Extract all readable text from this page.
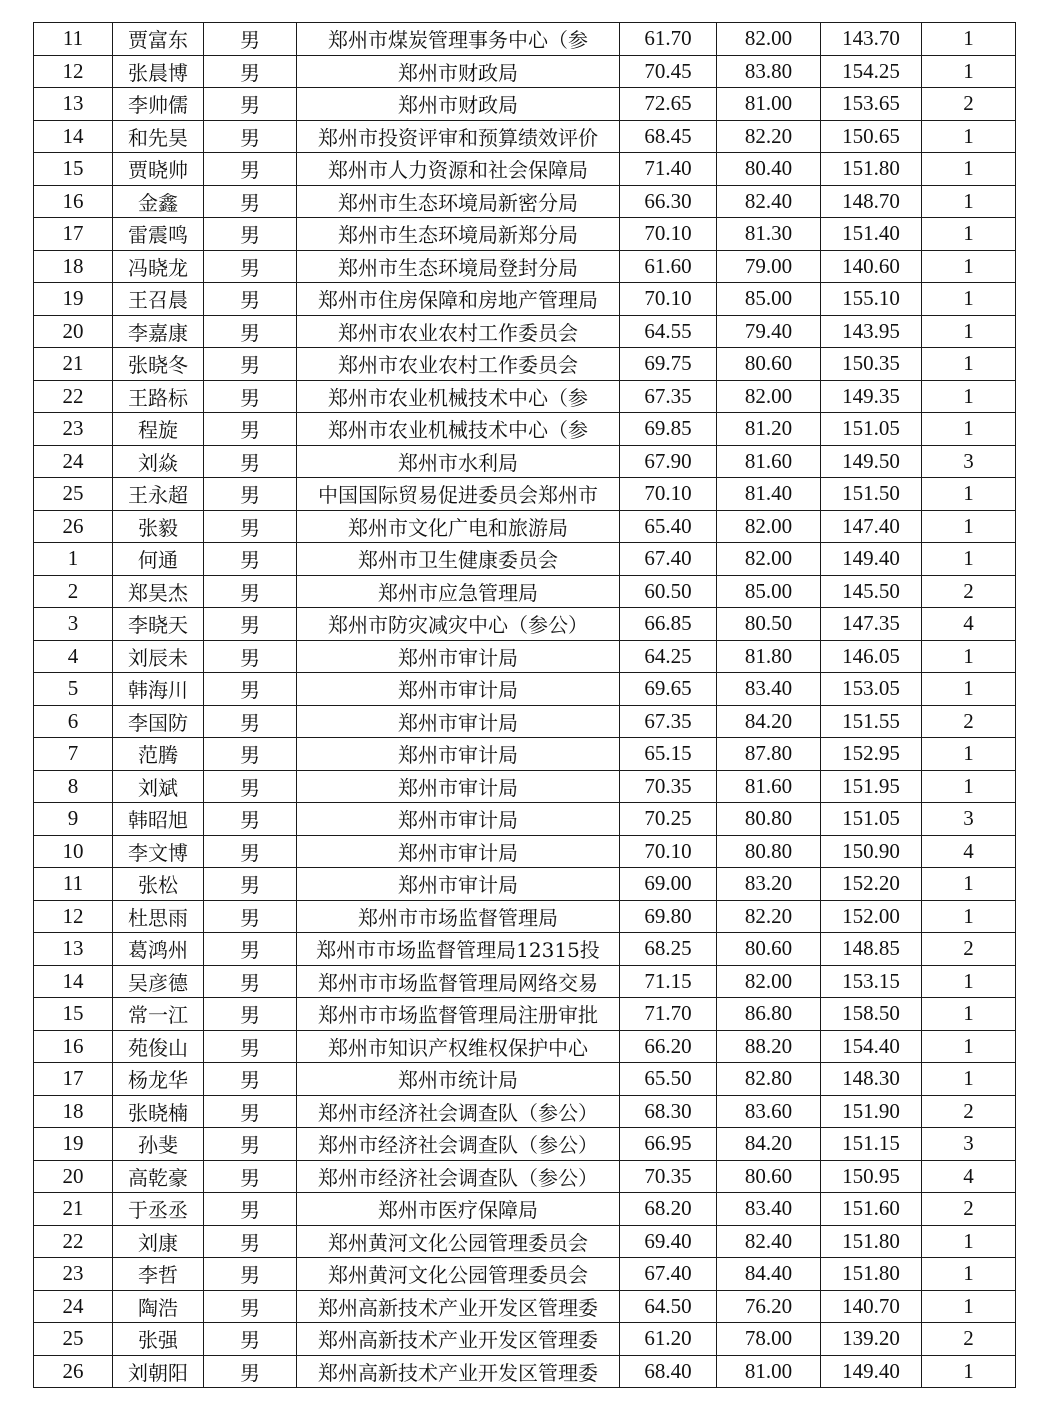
11	贾富东	男	郑州市煤炭管理事务中心（参	61.70	82.00	143.70	1
12	张晨博	男	郑州市财政局	70.45	83.80	154.25	1
13	李帅儒	男	郑州市财政局	72.65	81.00	153.65	2
14	和先昊	男	郑州市投资评审和预算绩效评价	68.45	82.20	150.65	1
15	贾晓帅	男	郑州市人力资源和社会保障局	71.40	80.40	151.80	1
16	金鑫	男	郑州市生态环境局新密分局	66.30	82.40	148.70	1
17	雷震鸣	男	郑州市生态环境局新郑分局	70.10	81.30	151.40	1
18	冯晓龙	男	郑州市生态环境局登封分局	61.60	79.00	140.60	1
19	王召晨	男	郑州市住房保障和房地产管理局	70.10	85.00	155.10	1
20	李嘉康	男	郑州市农业农村工作委员会	64.55	79.40	143.95	1
21	张晓冬	男	郑州市农业农村工作委员会	69.75	80.60	150.35	1
22	王路标	男	郑州市农业机械技术中心（参	67.35	82.00	149.35	1
23	程旋	男	郑州市农业机械技术中心（参	69.85	81.20	151.05	1
24	刘焱	男	郑州市水利局	67.90	81.60	149.50	3
25	王永超	男	中国国际贸易促进委员会郑州市	70.10	81.40	151.50	1
26	张毅	男	郑州市文化广电和旅游局	65.40	82.00	147.40	1
1	何通	男	郑州市卫生健康委员会	67.40	82.00	149.40	1
2	郑昊杰	男	郑州市应急管理局	60.50	85.00	145.50	2
3	李晓天	男	郑州市防灾减灾中心（参公）	66.85	80.50	147.35	4
4	刘辰未	男	郑州市审计局	64.25	81.80	146.05	1
5	韩海川	男	郑州市审计局	69.65	83.40	153.05	1
6	李国防	男	郑州市审计局	67.35	84.20	151.55	2
7	范腾	男	郑州市审计局	65.15	87.80	152.95	1
8	刘斌	男	郑州市审计局	70.35	81.60	151.95	1
9	韩昭旭	男	郑州市审计局	70.25	80.80	151.05	3
10	李文博	男	郑州市审计局	70.10	80.80	150.90	4
11	张松	男	郑州市审计局	69.00	83.20	152.20	1
12	杜思雨	男	郑州市市场监督管理局	69.80	82.20	152.00	1
13	葛鸿州	男	郑州市市场监督管理局12315投	68.25	80.60	148.85	2
14	吴彦德	男	郑州市市场监督管理局网络交易	71.15	82.00	153.15	1
15	常一江	男	郑州市市场监督管理局注册审批	71.70	86.80	158.50	1
16	苑俊山	男	郑州市知识产权维权保护中心	66.20	88.20	154.40	1
17	杨龙华	男	郑州市统计局	65.50	82.80	148.30	1
18	张晓楠	男	郑州市经济社会调查队（参公）	68.30	83.60	151.90	2
19	孙斐	男	郑州市经济社会调查队（参公）	66.95	84.20	151.15	3
20	高乾豪	男	郑州市经济社会调查队（参公）	70.35	80.60	150.95	4
21	于丞丞	男	郑州市医疗保障局	68.20	83.40	151.60	2
22	刘康	男	郑州黄河文化公园管理委员会	69.40	82.40	151.80	1
23	李哲	男	郑州黄河文化公园管理委员会	67.40	84.40	151.80	1
24	陶浩	男	郑州高新技术产业开发区管理委	64.50	76.20	140.70	1
25	张强	男	郑州高新技术产业开发区管理委	61.20	78.00	139.20	2
26	刘朝阳	男	郑州高新技术产业开发区管理委	68.40	81.00	149.40	1
